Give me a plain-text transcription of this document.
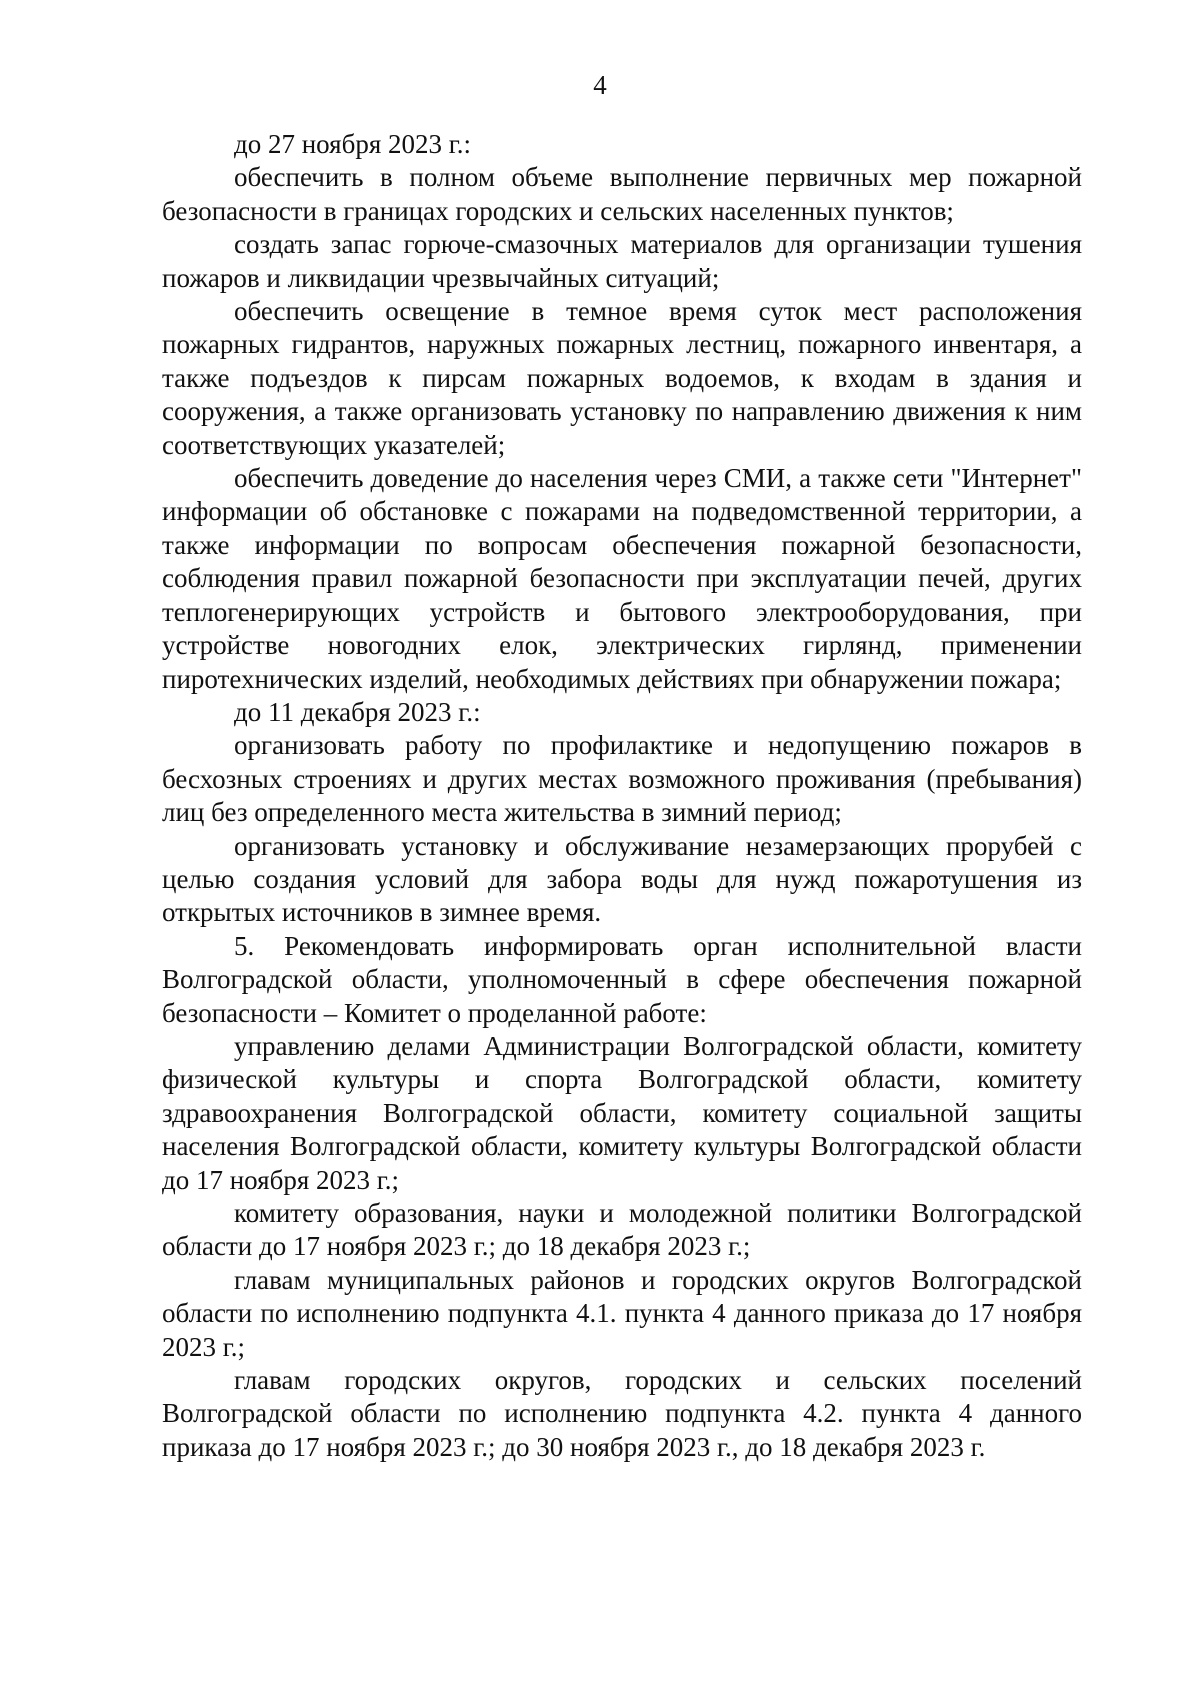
4

до 27 ноября 2023 г.:

обеспечить в полном объеме выполнение первичных мер пожарной безопасности в границах городских и сельских населенных пунктов;

создать запас горюче-смазочных материалов для организации тушения пожаров и ликвидации чрезвычайных ситуаций;

обеспечить освещение в темное время суток мест расположения пожарных гидрантов, наружных пожарных лестниц, пожарного инвентаря, а также подъездов к пирсам пожарных водоемов, к входам в здания и сооружения, а также организовать установку по направлению движения к ним соответствующих указателей;

обеспечить доведение до населения через СМИ, а также сети "Интернет" информации об обстановке с пожарами на подведомственной территории, а также информации по вопросам обеспечения пожарной безопасности, соблюдения правил пожарной безопасности при эксплуатации печей, других теплогенерирующих устройств и бытового электрооборудования, при устройстве новогодних елок, электрических гирлянд, применении пиротехнических изделий, необходимых действиях при обнаружении пожара;

до 11 декабря 2023 г.:

организовать работу по профилактике и недопущению пожаров в бесхозных строениях и других местах возможного проживания (пребывания) лиц без определенного места жительства в зимний период;

организовать установку и обслуживание незамерзающих прорубей с целью создания условий для забора воды для нужд пожаротушения из открытых источников в зимнее время.

5. Рекомендовать информировать орган исполнительной власти Волгоградской области, уполномоченный в сфере обеспечения пожарной безопасности – Комитет о проделанной работе:

управлению делами Администрации Волгоградской области, комитету физической культуры и спорта Волгоградской области, комитету здравоохранения Волгоградской области, комитету социальной защиты населения Волгоградской области, комитету культуры Волгоградской области до 17 ноября 2023 г.;

комитету образования, науки и молодежной политики Волгоградской области до 17 ноября 2023 г.; до 18 декабря 2023 г.;

главам муниципальных районов и городских округов Волгоградской области по исполнению подпункта 4.1. пункта 4 данного приказа до 17 ноября 2023 г.;

главам городских округов, городских и сельских поселений Волгоградской области по исполнению подпункта 4.2. пункта 4 данного приказа до 17 ноября 2023 г.; до 30 ноября 2023 г., до 18 декабря 2023 г.
